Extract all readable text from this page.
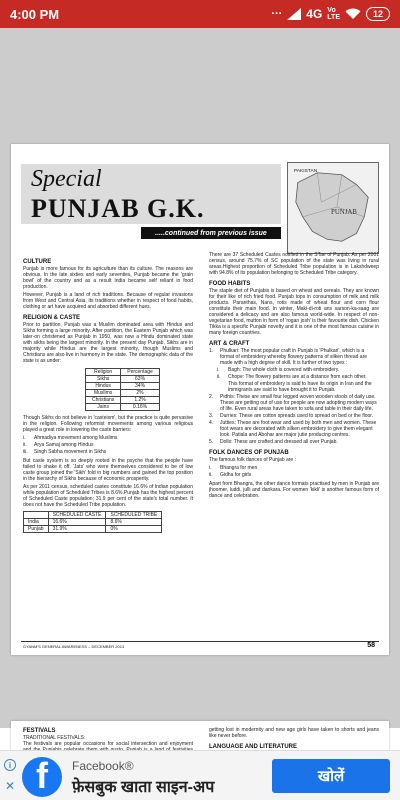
4:00 PM	··· 4G Vo
LTE	12
Special
PUNJAB G.K.
.....continued from previous issue
PAKISTAN
PUNJAB
CULTURE
Punjab is more famous for its agriculture than its culture. The reasons are obvious. In the late sixties and early seventies, Punjab became the 'grain bowl' of the country and as a result India became self reliant in food production.
However, Punjab is a land of rich traditions. Because of regular invasions from West and Central Asia, its traditions whether in respect of food habits, clothing or art have acquired and absorbed different hues.
RELIGION & CASTE
Prior to partition, Punjab was a Muslim dominated area with Hindus and Sikhs forming a large minority. After partition, the Eastern Punjab which was later-on christened as Punjab in 1950, was now a Hindu dominated state with sikhs being the largest minority. In the present day Punjab, Sikhs are in majority while Hindus are the largest minority, though Muslims and Christians are also live in harmony in the state. The demographic data of the state is as under:
Religion	Percentage
Sikhs	63%
Hindus	34%
Muslims	2%
Christians	1.2%
Jains	0.16%
Though Sikhs do not believe in 'casteism', but the practice is quite pervasive in the religion. Following reformist movements among various religious played a great role in lowering the caste barriers:
i.	Ahmadiya movement among Muslims
ii.	Arya Samaj among Hindus
iii.	Singh Sabha movement in Sikhs
But caste system is so deeply rooted in the psyche that the people have failed to shake it off. 'Jats' who were themselves considered to be of low caste group joined the 'Sikh' fold in big numbers and gained the top position in the hierarchy of Sikhs because of economic prosperity.
As per 2011 census, scheduled castes constitute 16.6% of Indian population while population of Scheduled Tribes is 8.6%.Punjab has the highest percent of Scheduled Caste population; 31.9 per cent of the state's total number. It does not have the Scheduled Tribe population.
	SCHEDULED CASTE	SCHEDULED TRIBE
India	16.6%	8.6%
Punjab	31.9%	0%
There are 37 Scheduled Castes notified in the STae of Punjab. As per 2001 census, around 75.7% of SC population of the state was living in rural areas.Highest proportion of Scheduled Tribe population is in Lakshdweep with 94.8% of its population belonging to Scheduled Tribe category.
FOOD HABITS
The staple diet of Punjabis is based on wheat and cereals. They are known for their like of rich fried food. Punjab tops in consumption of milk and milk products. Paranthas, Nans, rotis made of wheat flour and corn flour constitute their main food. In winter, Maki-di-roti ans sarson-ka-saag are considered a delicacy and are also famous world-wide. In respect of non-vegetarian food, mutton in form of 'rogan josh' is their favourite dish. Chicken Tikka is a specific Punjabi novelty and it is one of the most famous cuisine in many foreign countries.
ART & CRAFT
1.	Phulkari: The most popular craft in Punjab is 'Phulkari', which is a format of embroidery whereby flowery patterns of silken thread are made with a high degree of skill. It is further of two types :
i.	Bagh: The whole cloth is covered with embroidery.
ii.	Chope: The flowery patterns are at a distance from each other.
This format of embroidery is said to have its origin in Iran and the immigrants are said to have brought it to Punjab.
2.	Pidhis: These are small four legged woven wooden stools of daily use. These are getting out of use for people are now adopting modern ways of life. Even rural areas have taken to sofa and table in their daily life.
3.	Durries: These are cotton spreads used to spread on bed or the floor.
4.	Jutties: These are foot wear and used by both men and women. These foot wears are decorated with silken embroidery to give them elegant look. Patiala and Abohar are major jutie producing centres.
5.	Dolls: These are crafted and dressed all over Punjab.
FOLK DANCES OF PUNJAB
The famous folk dances of Punjab are :
i.	Bhangra for men
ii.	Gidha for girls
Apart from Bhangra, the other dance formats practised by men in Punjab are jhoomer, luddi, julli and dankara. For women 'kikli' is another famous form of dance and celebration.
GYANM'S GENERAL AWARENESS – DECEMBER 2013	58
FESTIVALS
TRADITIONAL FESTIVALS:
The festivals are popular occasions for social intersection and enjoyment
getting lost in modernity and new age girls have taken to shorts and jeans like never before.
LANGUAGE AND LITERATURE
i
✕ f	Facebook®
फ़ेसबुक खाता साइन-अप
खोलें
